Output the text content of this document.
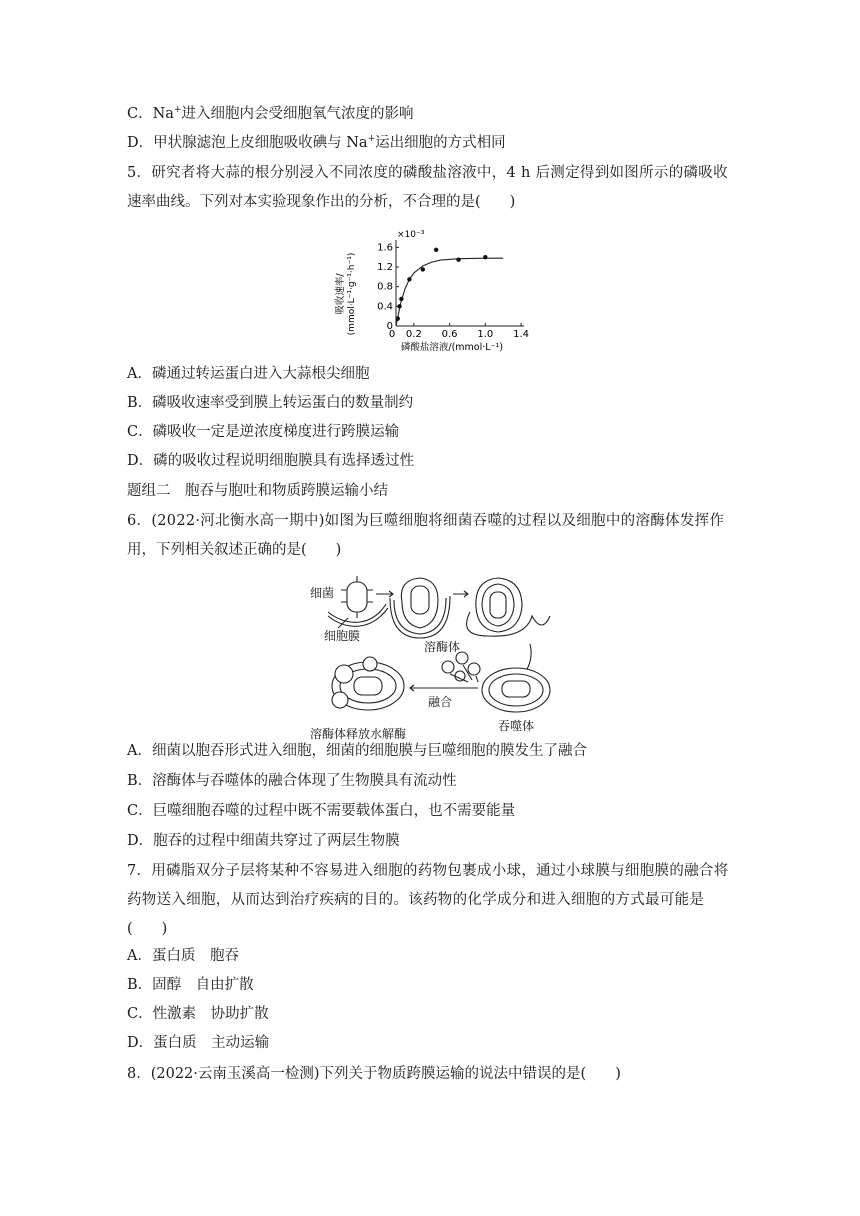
C．Na+进入细胞内会受细胞氧气浓度的影响
D．甲状腺滤泡上皮细胞吸收碘与 Na+运出细胞的方式相同
5．研究者将大蒜的根分别浸入不同浓度的磷酸盐溶液中，4 h 后测定得到如图所示的磷吸收
速率曲线。下列对本实验现象作出的分析，不合理的是(　　)
吸收速率/ (mmol·L⁻¹·g⁻¹·h⁻¹)
×10⁻³
1.6
1.2
0.8
0.4
0
0 0.2 0.6 1.0 1.4
磷酸盐溶液/(mmol·L⁻¹)
A．磷通过转运蛋白进入大蒜根尖细胞
B．磷吸收速率受到膜上转运蛋白的数量制约
C．磷吸收一定是逆浓度梯度进行跨膜运输
D．磷的吸收过程说明细胞膜具有选择透过性
题组二　胞吞与胞吐和物质跨膜运输小结
6．(2022·河北衡水高一期中)如图为巨噬细胞将细菌吞噬的过程以及细胞中的溶酶体发挥作
用，下列相关叙述正确的是(　　)
细菌
细胞膜
溶酶体
吞噬体
融合
溶酶体释放水解酶
A．细菌以胞吞形式进入细胞，细菌的细胞膜与巨噬细胞的膜发生了融合
B．溶酶体与吞噬体的融合体现了生物膜具有流动性
C．巨噬细胞吞噬的过程中既不需要载体蛋白，也不需要能量
D．胞吞的过程中细菌共穿过了两层生物膜
7．用磷脂双分子层将某种不容易进入细胞的药物包裹成小球，通过小球膜与细胞膜的融合将
药物送入细胞，从而达到治疗疾病的目的。该药物的化学成分和进入细胞的方式最可能是
(　　)
A．蛋白质　胞吞
B．固醇　自由扩散
C．性激素　协助扩散
D．蛋白质　主动运输
8．(2022·云南玉溪高一检测)下列关于物质跨膜运输的说法中错误的是(　　)
